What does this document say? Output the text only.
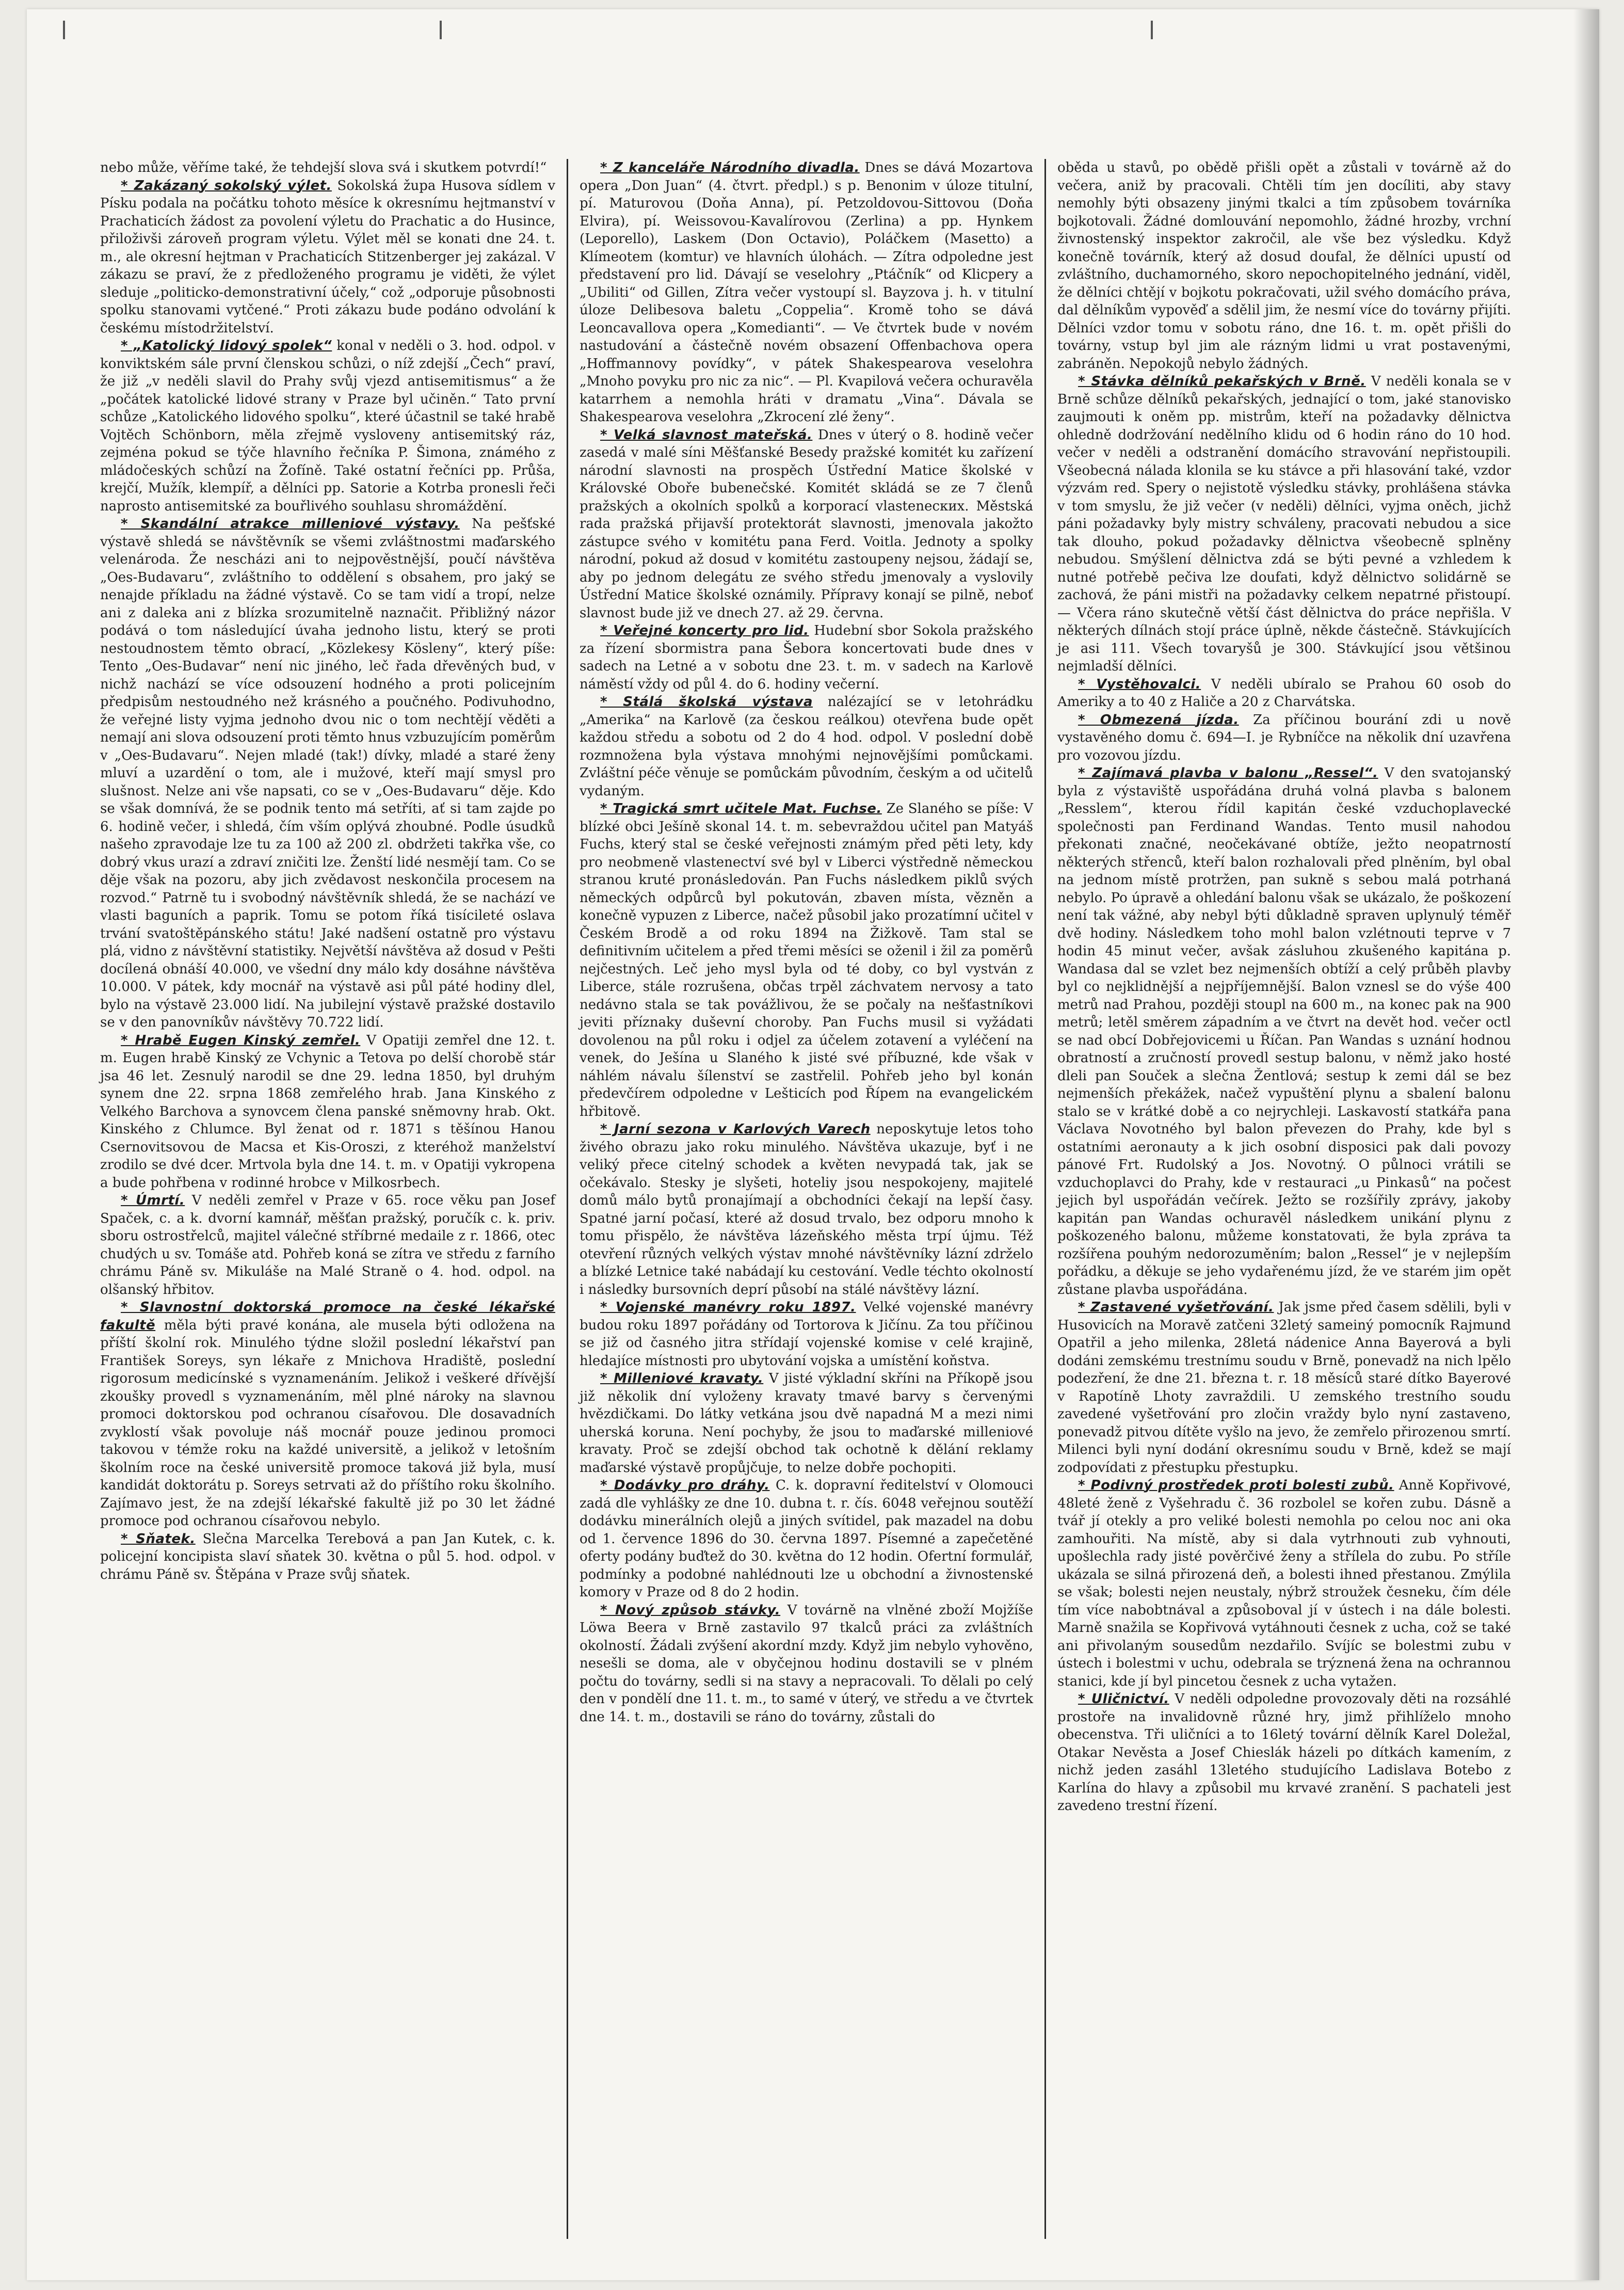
nebo může, věříme také, že tehdejší slova svá i skutkem potvrdí!“

* Zakázaný sokolský výlet. Sokolská župa Husova sídlem v Písku podala na počátku tohoto měsíce k okresnímu hejtmanství v Prachaticích žádost za povolení výletu do Prachatic a do Husince, přiloživši zároveň program výletu. Výlet měl se konati dne 24. t. m., ale okresní hejtman v Prachaticích Stitzenberger jej zakázal. V zákazu se praví, že z předloženého programu je viděti, že výlet sleduje „politicko-demonstrativní účely,“ což „odporuje působnosti spolku stanovami vytčené.“ Proti zákazu bude podáno odvolání k českému místodržitelství.

* „Katolický lidový spolek“ konal v neděli o 3. hod. odpol. v konviktském sále první členskou schůzi, o níž zdejší „Čech“ praví, že již „v neděli slavil do Prahy svůj vjezd antisemitismus“ a že „počátek katolické lidové strany v Praze byl učiněn.“ Tato první schůze „Katolického lidového spolku“, které účastnil se také hrabě Vojtěch Schönborn, měla zřejmě vysloveny antisemitský ráz, zejména pokud se týče hlavního řečníka P. Šimona, známého z mládočeských schůzí na Žofíně. Také ostatní řečníci pp. Průša, krejčí, Mužík, klempíř, a dělníci pp. Satorie a Kotrba pronesli řeči naprosto antisemitské za bouřlivého souhlasu shromáždění.

* Skandální atrakce milleniové výstavy. Na pešťské výstavě shledá se návštěvník se všemi zvláštnostmi maďarského velenároda. Že nescházi ani to nejpověstnější, poučí návštěva „Oes-Budavaru“, zvláštního to oddělení s obsahem, pro jaký se nenajde příkladu na žádné výstavě. Co se tam vidí a tropí, nelze ani z daleka ani z blízka srozumitelně naznačit. Přibližný názor podává o tom následující úvaha jednoho listu, který se proti nestoudnostem těmto obrací, „Közlekesy Kösleny“, který píše: Tento „Oes-Budavar“ není nic jiného, leč řada dřevěných bud, v nichž nachází se více odsouzení hodného a proti policejním předpisům nestoudného než krásného a poučného. Podivuhodno, že veřejné listy vyjma jednoho dvou nic o tom nechtějí věděti a nemají ani slova odsouzení proti těmto hnus vzbuzujícím poměrům v „Oes-Budavaru“. Nejen mladé (tak!) dívky, mladé a staré ženy mluví a uzardění o tom, ale i mužové, kteří mají smysl pro slušnost. Nelze ani vše napsati, co se v „Oes-Budavaru“ děje. Kdo se však domnívá, že se podnik tento má setříti, ať si tam zajde po 6. hodině večer, i shledá, čím vším oplývá zhoubné. Podle úsudků našeho zpravodaje lze tu za 100 až 200 zl. obdržeti takřka vše, co dobrý vkus urazí a zdraví zničiti lze. Ženští lidé nesmějí tam. Co se děje však na pozoru, aby jich zvědavost neskončila procesem na rozvod.“ Patrně tu i svobodný návštěvník shledá, že se nachází ve vlasti baguních a paprik. Tomu se potom říká tisícileté oslava trvání svatoštěpánského státu! Jaké nadšení ostatně pro výstavu plá, vidno z návštěvní statistiky. Největší návštěva až dosud v Pešti docílená obnáší 40.000, ve všední dny málo kdy dosáhne návštěva 10.000. V pátek, kdy mocnář na výstavě asi půl páté hodiny dlel, bylo na výstavě 23.000 lidí. Na jubilejní výstavě pražské dostavilo se v den panovníkův návštěvy 70.722 lidí.

* Hrabě Eugen Kinský zemřel. V Opatiji zemřel dne 12. t. m. Eugen hrabě Kinský ze Vchynic a Tetova po delší chorobě stár jsa 46 let. Zesnulý narodil se dne 29. ledna 1850, byl druhým synem dne 22. srpna 1868 zemřelého hrab. Jana Kinského z Velkého Barchova a synovcem člena panské sněmovny hrab. Okt. Kinského z Chlumce. Byl ženat od r. 1871 s těšínou Hanou Csernovitsovou de Macsa et Kis-Oroszi, z kteréhož manželství zrodilo se dvé dcer. Mrtvola byla dne 14. t. m. v Opatiji vykropena a bude pohřbena v rodinné hrobce v Milkosrbech.

* Úmrtí. V neděli zemřel v Praze v 65. roce věku pan Josef Spaček, c. a k. dvorní kamnář, měšťan pražský, poručík c. k. priv. sboru ostrostřelců, majitel válečné stříbrné medaile z r. 1866, otec chudých u sv. Tomáše atd. Pohřeb koná se zítra ve středu z farního chrámu Páně sv. Mikuláše na Malé Straně o 4. hod. odpol. na olšanský hřbitov.

* Slavnostní doktorská promoce na české lékařské fakultě měla býti pravé konána, ale musela býti odložena na příští školní rok. Minulého týdne složil poslední lékařství pan František Soreys, syn lékaře z Mnichova Hradiště, poslední rigorosum medicínské s vyznamenáním. Jelikož i veškeré dřívější zkoušky provedl s vyznamenáním, měl plné nároky na slavnou promoci doktorskou pod ochranou císařovou. Dle dosavadních zvyklostí však povoluje náš mocnář pouze jedinou promoci takovou v témže roku na každé universitě, a jelikož v letošním školním roce na české universitě promoce taková již byla, musí kandidát doktorátu p. Soreys setrvati až do příštího roku školního. Zajímavo jest, že na zdejší lékařské fakultě již po 30 let žádné promoce pod ochranou císařovou nebylo.

* Sňatek. Slečna Marcelka Terebová a pan Jan Kutek, c. k. policejní koncipista slaví sňatek 30. května o půl 5. hod. odpol. v chrámu Páně sv. Štěpána v Praze svůj sňatek.

* Z kanceláře Národního divadla. Dnes se dává Mozartova opera „Don Juan“ (4. čtvrt. předpl.) s p. Benonim v úloze titulní, pí. Maturovou (Doňa Anna), pí. Petzoldovou-Sittovou (Doňa Elvira), pí. Weissovou-Kavalírovou (Zerlina) a pp. Hynkem (Leporello), Laskem (Don Octavio), Poláčkem (Masetto) a Klímeotem (komtur) ve hlavních úlohách. — Zítra odpoledne jest představení pro lid. Dávají se veselohry „Ptáčník“ od Klicpery a „Ubiliti“ od Gillen, Zítra večer vystoupí sl. Bayzova j. h. v titulní úloze Delibesova baletu „Coppelia“. Kromě toho se dává Leoncavallova opera „Komedianti“. — Ve čtvrtek bude v novém nastudování a částečně novém obsazení Offenbachova opera „Hoffmannovy povídky“, v pátek Shakespearova veselohra „Mnoho povyku pro nic za nic“. — Pl. Kvapilová večera ochuravěla katarrhem a nemohla hráti v dramatu „Vina“. Dávala se Shakespearova veselohra „Zkrocení zlé ženy“.

* Velká slavnost mateřská. Dnes v úterý o 8. hodině večer zasedá v malé síni Měšťanské Besedy pražské komitét ku zařízení národní slavnosti na prospěch Ústřední Matice školské v Královské Oboře bubenečské. Komitét skládá se ze 7 členů pražských a okolních spolků a korporací vlastenecких. Městská rada pražská přijavší protektorát slavnosti, jmenovala jakožto zástupce svého v komitétu pana Ferd. Voitla. Jednoty a spolky národní, pokud až dosud v komitétu zastoupeny nejsou, žádají se, aby po jednom delegátu ze svého středu jmenovaly a vyslovily Ústřední Matice školské oznámily. Přípravy konají se pilně, neboť slavnost bude již ve dnech 27. až 29. června.

* Veřejné koncerty pro lid. Hudební sbor Sokola pražského za řízení sbormistra pana Šebora koncertovati bude dnes v sadech na Letné a v sobotu dne 23. t. m. v sadech na Karlově náměstí vždy od půl 4. do 6. hodiny večerní.

* Stálá školská výstava nalézající se v letohrádku „Amerika“ na Karlově (za českou reálkou) otevřena bude opět každou středu a sobotu od 2 do 4 hod. odpol. V poslední době rozmnožena byla výstava mnohými nejnovějšími pomůckami. Zvláštní péče věnuje se pomůckám původním, českým a od učitelů vydaným.

* Tragická smrt učitele Mat. Fuchse. Ze Slaného se píše: V blízké obci Ješíně skonal 14. t. m. sebevraždou učitel pan Matyáš Fuchs, který stal se české veřejnosti známým před pěti lety, kdy pro neobmeně vlastenectví své byl v Liberci výstředně německou stranou kruté pronásledován. Pan Fuchs následkem piklů svých německých odpůrců byl pokutován, zbaven místa, vězněn a konečně vypuzen z Liberce, načež působil jako prozatímní učitel v Českém Brodě a od roku 1894 na Žižkově. Tam stal se definitivním učitelem a před třemi měsíci se oženil i žil za poměrů nejčestných. Leč jeho mysl byla od té doby, co byl vystván z Liberce, stále rozrušena, občas trpěl záchvatem nervosy a tato nedávno stala se tak povážlivou, že se počaly na nešťastníkovi jeviti příznaky duševní choroby. Pan Fuchs musil si vyžádati dovolenou na půl roku i odjel za účelem zotavení a vyléčení na venek, do Ješína u Slaného k jisté své příbuzné, kde však v náhlém návalu šílenství se zastřelil. Pohřeb jeho byl konán předevčírem odpoledne v Lešticích pod Řípem na evangelickém hřbitově.

* Jarní sezona v Karlových Varech neposkytuje letos toho živého obrazu jako roku minulého. Návštěva ukazuje, byť i ne veliký přece citelný schodek a květen nevypadá tak, jak se očekávalo. Stesky je slyšeti, hoteliy jsou nespokojeny, majitelé domů málo bytů pronajímají a obchodníci čekají na lepší časy. Spatné jarní počasí, které až dosud trvalo, bez odporu mnoho k tomu přispělo, že návštěva lázeňského města trpí újmu. Též otevření různých velkých výstav mnohé návštěvníky lázní zdrželo a blízké Letnice také nabádají ku cestování. Vedle téchto okolností i následky bursovních deprí působí na stálé návštěvy lázní.

* Vojenské manévry roku 1897. Velké vojenské manévry budou roku 1897 pořádány od Tortorova k Jičínu. Za tou příčinou se již od časného jitra střídají vojenské komise v celé krajině, hledajíce místnosti pro ubytování vojska a umístění koňstva.

* Milleniové kravaty. V jisté výkladní skříni na Příkopě jsou již několik dní vyloženy kravaty tmavé barvy s červenými hvězdičkami. Do látky vetkána jsou dvě napadná M a mezi nimi uherská koruna. Není pochyby, že jsou to maďarské milleniové kravaty. Proč se zdejší obchod tak ochotně k dělání reklamy maďarské výstavě propůjčuje, to nelze dobře pochopiti.

* Dodávky pro dráhy. C. k. dopravní ředitelství v Olomouci zadá dle vyhlášky ze dne 10. dubna t. r. čís. 6048 veřejnou soutěží dodávku minerálních olejů a jiných svítidel, pak mazadel na dobu od 1. července 1896 do 30. června 1897. Písemné a zapečetěné oferty podány buďtež do 30. května do 12 hodin. Ofertní formulář, podmínky a podobné nahlédnouti lze u obchodní a živnostenské komory v Praze od 8 do 2 hodin.

* Nový způsob stávky. V továrně na vlněné zboží Mojžíše Löwa Beera v Brně zastavilo 97 tkalců práci za zvláštních okolností. Žádali zvýšení akordní mzdy. Když jim nebylo vyhověno, nesešli se doma, ale v obyčejnou hodinu dostavili se v plném počtu do továrny, sedli si na stavy a nepracovali. To dělali po celý den v pondělí dne 11. t. m., to samé v úterý, ve středu a ve čtvrtek dne 14. t. m., dostavili se ráno do továrny, zůstali do

oběda u stavů, po obědě přišli opět a zůstali v továrně až do večera, aniž by pracovali. Chtěli tím jen docíliti, aby stavy nemohly býti obsazeny jinými tkalci a tím způsobem továrníka bojkotovali. Žádné domlouvání nepomohlo, žádné hrozby, vrchní živnostenský inspektor zakročil, ale vše bez výsledku. Když konečně továrník, který až dosud doufal, že dělníci upustí od zvláštního, duchamorného, skoro nepochopitelného jednání, viděl, že dělníci chtějí v bojkotu pokračovati, užil svého domácího práva, dal dělníkům vypověď a sdělil jim, že nesmí více do továrny přijíti. Dělníci vzdor tomu v sobotu ráno, dne 16. t. m. opět přišli do továrny, vstup byl jim ale rázným lidmi u vrat postavenými, zabráněn. Nepokojů nebylo žádných.

* Stávka dělníků pekařských v Brně. V neděli konala se v Brně schůze dělníků pekařských, jednající o tom, jaké stanovisko zaujmouti k oněm pp. mistrům, kteří na požadavky dělnictva ohledně dodržování nedělního klidu od 6 hodin ráno do 10 hod. večer v neděli a odstranění domácího stravování nepřistoupili. Všeobecná nálada klonila se ku stávce a při hlasování také, vzdor výzvám red. Spery o nejistotě výsledku stávky, prohlášena stávka v tom smyslu, že již večer (v neděli) dělníci, vyjma oněch, jichž páni požadavky byly mistry schváleny, pracovati nebudou a sice tak dlouho, pokud požadavky dělnictva všeobecně splněny nebudou. Smýšlení dělnictva zdá se býti pevné a vzhledem k nutné potřebě pečiva lze doufati, když dělnictvo solidárně se zachová, že páni mistři na požadavky celkem nepatrné přistoupí. — Včera ráno skutečně větší část dělnictva do práce nepřišla. V některých dílnách stojí práce úplně, někde částečně. Stávkujících je asi 111. Všech tovaryšů je 300. Stávkující jsou většinou nejmladší dělníci.

* Vystěhovalci. V neděli ubíralo se Prahou 60 osob do Ameriky a to 40 z Haliče a 20 z Charvátska.

* Obmezená jízda. Za příčinou bourání zdi u nově vystavěného domu č. 694—I. je Rybníčce na několik dní uzavřena pro vozovou jízdu.

* Zajímavá plavba v balonu „Ressel“. V den svatojanský byla z výstaviště uspořádána druhá volná plavba s balonem „Resslem“, kterou řídil kapitán české vzduchoplavecké společnosti pan Ferdinand Wandas. Tento musil nahodou překonati značné, neočekávané obtíže, ježto neopatrností některých střenců, kteří balon rozhalovali před plněním, byl obal na jednom místě protržen, pan sukně s sebou malá potrhaná nebylo. Po úpravě a ohledání balonu však se ukázalo, že poškození není tak vážné, aby nebyl býti důkladně spraven uplynulý téměř dvě hodiny. Následkem toho mohl balon vzlétnouti teprve v 7 hodin 45 minut večer, avšak zásluhou zkušeného kapitána p. Wandasa dal se vzlet bez nejmenších obtíží a celý průběh plavby byl co nejklidnější a nejpříjemnější. Balon vznesl se do výše 400 metrů nad Prahou, později stoupl na 600 m., na konec pak na 900 metrů; letěl směrem západním a ve čtvrt na devět hod. večer octl se nad obcí Dobřejovicemi u Říčan. Pan Wandas s uznání hodnou obratností a zručností provedl sestup balonu, v němž jako hosté dleli pan Souček a slečna Žentlová; sestup k zemi dál se bez nejmenších překážek, načež vypuštění plynu a sbalení balonu stalo se v krátké době a co nejrychleji. Laskavostí statkářa pana Václava Novotného byl balon převezen do Prahy, kde byl s ostatními aeronauty a k jich osobní disposici pak dali povozy pánové Frt. Rudolský a Jos. Novotný. O půlnoci vrátili se vzduchoplavci do Prahy, kde v restauraci „u Pinkasů“ na počest jejich byl uspořádán večírek. Ježto se rozšířily zprávy, jakoby kapitán pan Wandas ochuravěl následkem unikání plynu z poškozeného balonu, můžeme konstatovati, že byla zpráva ta rozšířena pouhým nedorozuměním; balon „Ressel“ je v nejlepším pořádku, a děkuje se jeho vydařenému jízd, že ve starém jim opět zůstane plavba uspořádána.

* Zastavené vyšetřování. Jak jsme před časem sdělili, byli v Husovicích na Moravě zatčeni 32letý sameiný pomocník Rajmund Opatřil a jeho milenka, 28letá nádenice Anna Bayerová a byli dodáni zemskému trestnímu soudu v Brně, ponevadž na nich lpělo podezření, že dne 21. března t. r. 18 měsíců staré dítko Bayerové v Rapotíně Lhoty zavraždili. U zemského trestního soudu zavedené vyšetřování pro zločin vraždy bylo nyní zastaveno, ponevadž pitvou dítěte vyšlo na jevo, že zemřelo přirozenou smrtí. Milenci byli nyní dodání okresnímu soudu v Brně, kdež se mají zodpovídati z přestupku přestupku.

* Podivný prostředek proti bolesti zubů. Anně Kopřivové, 48leté ženě z Vyšehradu č. 36 rozbolel se kořen zubu. Dásně a tvář jí otekly a pro veliké bolesti nemohla po celou noc ani oka zamhouřiti. Na místě, aby si dala vytrhnouti zub vyhnouti, upošlechla rady jisté pověrčivé ženy a střílela do zubu. Po stříle ukázala se silná přirozená deň, a bolesti ihned přestanou. Zmýlila se však; bolesti nejen neustaly, nýbrž stroužek česneku, čím déle tím více nabobtnával a způsoboval jí v ústech i na dále bolesti. Marně snažila se Kopřivová vytáhnouti česnek z ucha, což se také ani přivolaným sousedům nezdařilo. Svíjíc se bolestmi zubu v ústech i bolestmi v uchu, odebrala se trýznená žena na ochrannou stanici, kde jí byl pincetou česnek z ucha vytažen.

* Uličnictví. V neděli odpoledne provozovaly děti na rozsáhlé prostoře na invalidovně různé hry, jimž přihlíželo mnoho obecenstva. Tři uličníci a to 16letý tovární dělník Karel Doležal, Otakar Nevěsta a Josef Chieslák házeli po dítkách kamením, z nichž jeden zasáhl 13letého studujícího Ladislava Botebo z Karlína do hlavy a způsobil mu krvavé zranění. S pachateli jest zavedeno trestní řízení.
